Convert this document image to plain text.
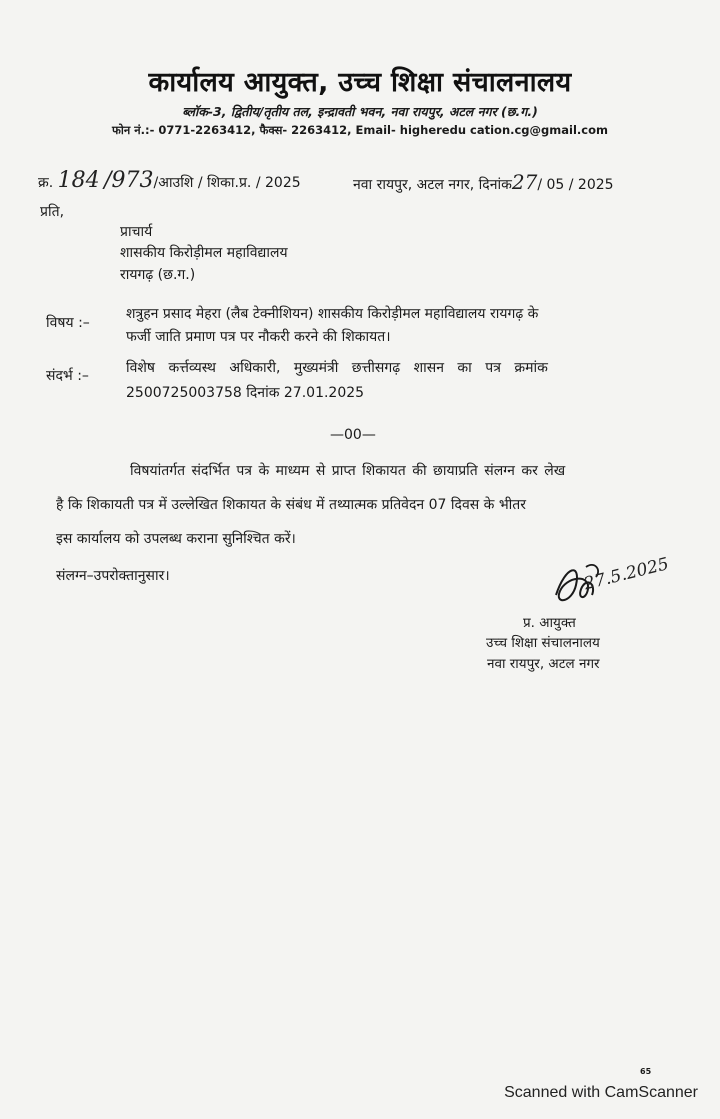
कार्यालय आयुक्त, उच्च शिक्षा संचालनालय
ब्लॉक-3, द्वितीय/तृतीय तल, इन्द्रावती भवन, नवा रायपुर, अटल नगर (छ.ग.)
फोन नं.:- 0771-2263412, फैक्स- 2263412, Email- higheredu cation.cg@gmail.com
क्र. 184 /973/आउशि / शिका.प्र. / 2025	नवा रायपुर, अटल नगर, दिनांक27/ 05 / 2025
प्रति,
प्राचार्य
शासकीय किरोड़ीमल महाविद्यालय
रायगढ़ (छ.ग.)
विषय :–
शत्रुहन प्रसाद मेहरा (लैब टेक्नीशियन) शासकीय किरोड़ीमल महाविद्यालय रायगढ़ के
फर्जी जाति प्रमाण पत्र पर नौकरी करने की शिकायत।
संदर्भ :–	विशेष कर्त्तव्यस्थ अधिकारी, मुख्यमंत्री छत्तीसगढ़ शासन का पत्र क्रमांक
2500725003758 दिनांक 27.01.2025
—00—
विषयांतर्गत संदर्भित पत्र के माध्यम से प्राप्त शिकायत की छायाप्रति संलग्न कर लेख
है कि शिकायती पत्र में उल्लेखित शिकायत के संबंध में तथ्यात्मक प्रतिवेदन 07 दिवस के भीतर
इस कार्यालय को उपलब्ध कराना सुनिश्चित करें।
संलग्न–उपरोक्तानुसार।	27.5.2025
प्र. आयुक्त
उच्च शिक्षा संचालनालय
नवा रायपुर, अटल नगर
65
Scanned with CamScanner
